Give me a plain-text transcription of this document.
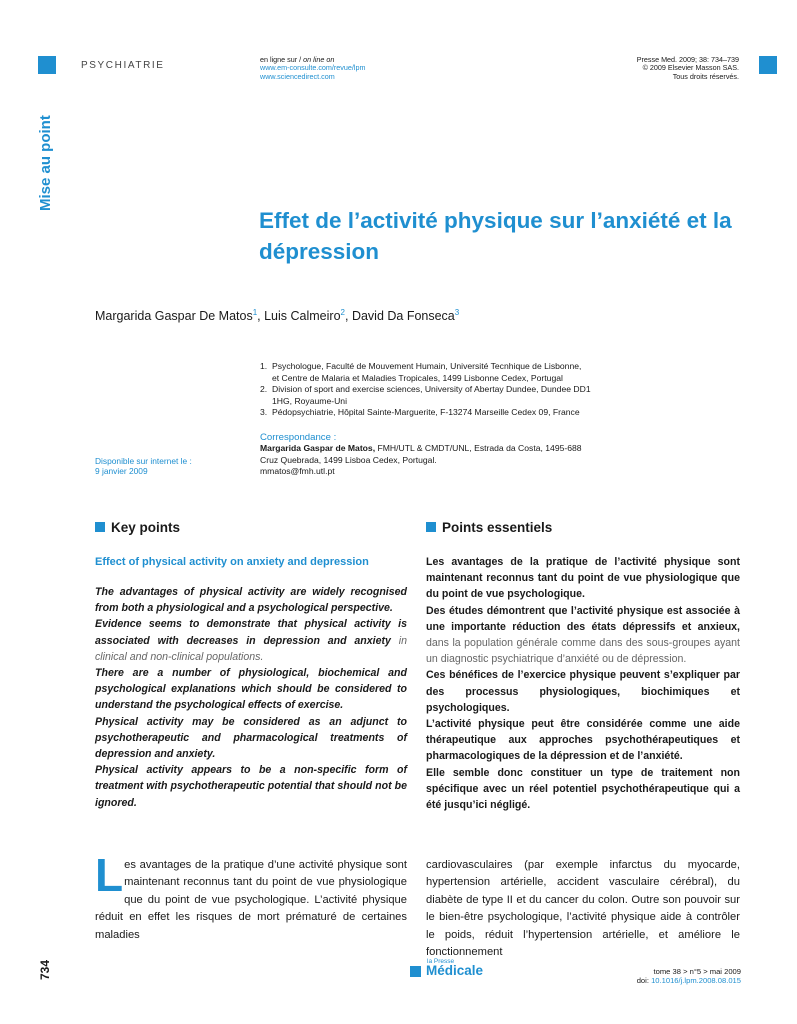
PSYCHIATRIE
en ligne sur / on line on
www.em-consulte.com/revue/lpm
www.sciencedirect.com
Presse Med. 2009; 38: 734–739
© 2009 Elsevier Masson SAS.
Tous droits réservés.
Mise au point
Effet de l’activité physique sur l’anxiété et la dépression
Margarida Gaspar De Matos$^1$, Luis Calmeiro$^2$, David Da Fonseca$^3$
1. Psychologue, Faculté de Mouvement Humain, Université Tecnhique de Lisbonne,
et Centre de Malaria et Maladies Tropicales, 1499 Lisbonne Cedex, Portugal
2. Division of sport and exercise sciences, University of Abertay Dundee, Dundee DD1
1HG, Royaume-Uni
3. Pédopsychiatrie, Hôpital Sainte-Marguerite, F-13274 Marseille Cedex 09, France
Disponible sur internet le :
9 janvier 2009
Correspondance :
Margarida Gaspar de Matos, FMH/UTL & CMDT/UNL, Estrada da Costa, 1495-688
Cruz Quebrada, 1499 Lisboa Cedex, Portugal.
mmatos@fmh.utl.pt
Key points
Effect of physical activity on anxiety and depression

The advantages of physical activity are widely recognised from both a physiological and a psychological perspective.

Evidence seems to demonstrate that physical activity is associated with decreases in depression and anxiety in clinical and non-clinical populations.

There are a number of physiological, biochemical and psychological explanations which should be considered to understand the psychological effects of exercise.

Physical activity may be considered as an adjunct to psychotherapeutic and pharmacological treatments of depression and anxiety.

Physical activity appears to be a non-specific form of treatment with psychotherapeutic potential that should not be ignored.

Points essentiels

Les avantages de la pratique de l’activité physique sont maintenant reconnus tant du point de vue physiologique que du point de vue psychologique.

Des études démontrent que l’activité physique est associée à une importante réduction des états dépressifs et anxieux, dans la population générale comme dans des sous-groupes ayant un diagnostic psychiatrique d’anxiété ou de dépression.

Ces bénéfices de l’exercice physique peuvent s’expliquer par des processus physiologiques, biochimiques et psychologiques.

L’activité physique peut être considérée comme une aide thérapeutique aux approches psychothérapeutiques et pharmacologiques de la dépression et de l’anxiété.

Elle semble donc constituer un type de traitement non spécifique avec un réel potentiel psychothérapeutique qui a été jusqu’ici négligé.

Les avantages de la pratique d’une activité physique sont maintenant reconnus tant du point de vue physiologique que du point de vue psychologique. L’activité physique réduit en effet les risques de mort prématuré de certaines maladies
cardiovasculaires (par exemple infarctus du myocarde, hypertension artérielle, accident vasculaire cérébral), du diabète de type II et du cancer du colon. Outre son pouvoir sur le bien-être psychologique, l’activité physique aide à contrôler le poids, réduit l’hypertension artérielle, et améliore le fonctionnement
734	la Presse
Médicale	tome 38 > n°5 > mai 2009
doi: 10.1016/j.lpm.2008.08.015
